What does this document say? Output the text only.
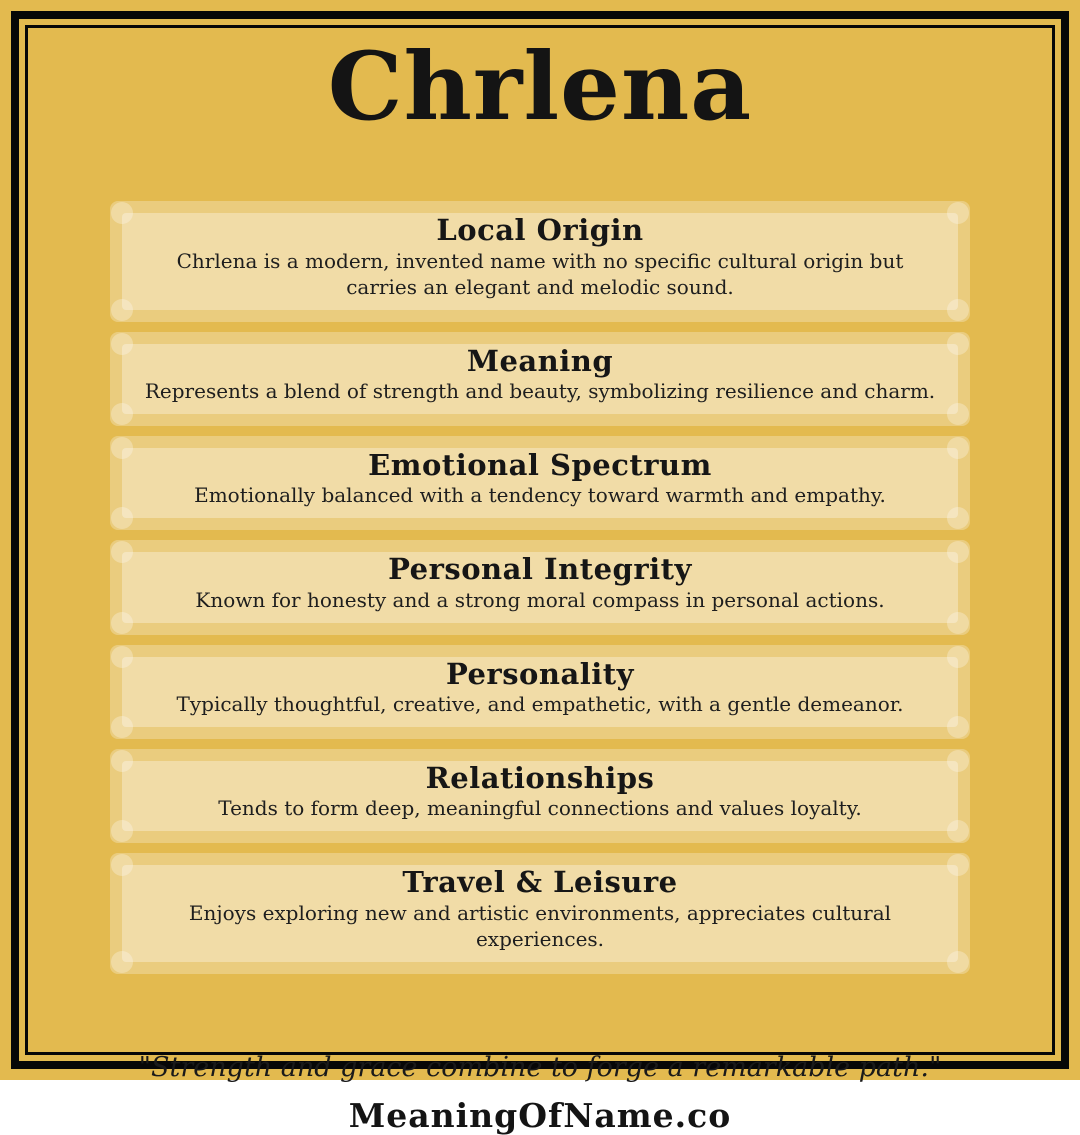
Chrlena
Local Origin

Chrlena is a modern, invented name with no specific cultural origin but carries an elegant and melodic sound.

Meaning

Represents a blend of strength and beauty, symbolizing resilience and charm.

Emotional Spectrum

Emotionally balanced with a tendency toward warmth and empathy.

Personal Integrity

Known for honesty and a strong moral compass in personal actions.

Personality

Typically thoughtful, creative, and empathetic, with a gentle demeanor.

Relationships

Tends to form deep, meaningful connections and values loyalty.

Travel & Leisure

Enjoys exploring new and artistic environments, appreciates cultural experiences.

"Strength and grace combine to forge a remarkable path."
MeaningOfName.co
